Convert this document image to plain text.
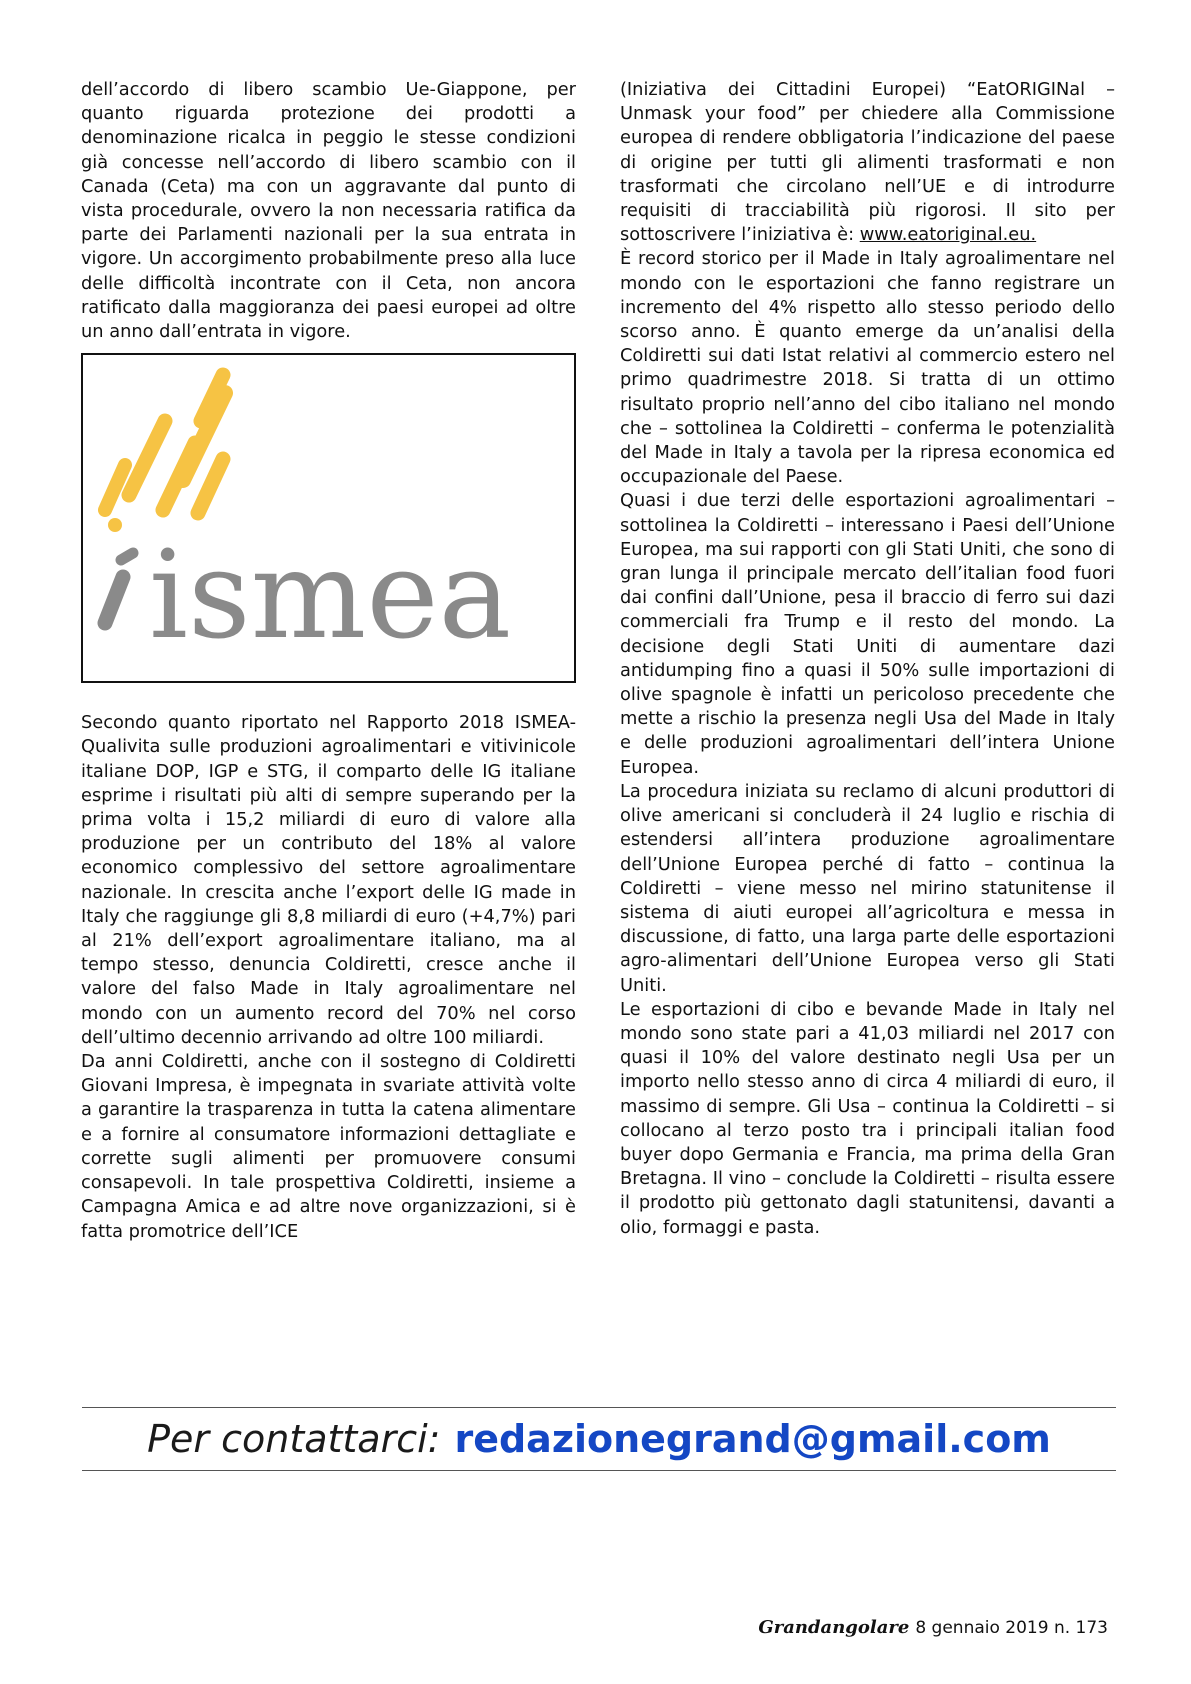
dell’accordo di libero scambio Ue-Giappone, per quanto riguarda protezione dei prodotti a denominazione ricalca in peggio le stesse condizioni già concesse nell’accordo di libero scambio con il Canada (Ceta) ma con un aggravante dal punto di vista procedurale, ovvero la non necessaria ratifica da parte dei Parlamenti nazionali per la sua entrata in vigore. Un accorgimento probabilmente preso alla luce delle difficoltà incontrate con il Ceta, non ancora ratificato dalla maggioranza dei paesi europei ad oltre un anno dall’entrata in vigore.

ismea

Secondo quanto riportato nel Rapporto 2018 ISMEA-Qualivita sulle produzioni agroalimentari e vitivinicole italiane DOP, IGP e STG, il comparto delle IG italiane esprime i risultati più alti di sempre superando per la prima volta i 15,2 miliardi di euro di valore alla produzione per un contributo del 18% al valore economico complessivo del settore agroalimentare nazionale. In crescita anche l’export delle IG made in Italy che raggiunge gli 8,8 miliardi di euro (+4,7%) pari al 21% dell’export agroalimentare italiano, ma al tempo stesso, denuncia Coldiretti, cresce anche il valore del falso Made in Italy agroalimentare nel mondo con un aumento record del 70% nel corso dell’ultimo decennio arrivando ad oltre 100 miliardi.

Da anni Coldiretti, anche con il sostegno di Coldiretti Giovani Impresa, è impegnata in svariate attività volte a garantire la trasparenza in tutta la catena alimentare e a fornire al consumatore informazioni dettagliate e corrette sugli alimenti per promuovere consumi consapevoli. In tale prospettiva Coldiretti, insieme a Campagna Amica e ad altre nove organizzazioni, si è fatta promotrice dell’ICE

(Iniziativa dei Cittadini Europei) “EatORIGINal – Unmask your food” per chiedere alla Commissione europea di rendere obbligatoria l’indicazione del paese di origine per tutti gli alimenti trasformati e non trasformati che circolano nell’UE e di introdurre requisiti di tracciabilità più rigorosi. Il sito per sottoscrivere l’iniziativa è: www.eatoriginal.eu.

È record storico per il Made in Italy agroalimentare nel mondo con le esportazioni che fanno registrare un incremento del 4% rispetto allo stesso periodo dello scorso anno. È quanto emerge da un’analisi della Coldiretti sui dati Istat relativi al commercio estero nel primo quadrimestre 2018. Si tratta di un ottimo risultato proprio nell’anno del cibo italiano nel mondo che – sottolinea la Coldiretti – conferma le potenzialità del Made in Italy a tavola per la ripresa economica ed occupazionale del Paese.

Quasi i due terzi delle esportazioni agroalimentari – sottolinea la Coldiretti – interessano i Paesi dell’Unione Europea, ma sui rapporti con gli Stati Uniti, che sono di gran lunga il principale mercato dell’italian food fuori dai confini dall’Unione, pesa il braccio di ferro sui dazi commerciali fra Trump e il resto del mondo. La decisione degli Stati Uniti di aumentare dazi antidumping fino a quasi il 50% sulle importazioni di olive spagnole è infatti un pericoloso precedente che mette a rischio la presenza negli Usa del Made in Italy e delle produzioni agroalimentari dell’intera Unione Europea.

La procedura iniziata su reclamo di alcuni produttori di olive americani si concluderà il 24 luglio e rischia di estendersi all’intera produzione agroalimentare dell’Unione Europea perché di fatto – continua la Coldiretti – viene messo nel mirino statunitense il sistema di aiuti europei all’agricoltura e messa in discussione, di fatto, una larga parte delle esportazioni agro-alimentari dell’Unione Europea verso gli Stati Uniti.

Le esportazioni di cibo e bevande Made in Italy nel mondo sono state pari a 41,03 miliardi nel 2017 con quasi il 10% del valore destinato negli Usa per un importo nello stesso anno di circa 4 miliardi di euro, il massimo di sempre. Gli Usa – continua la Coldiretti – si collocano al terzo posto tra i principali italian food buyer dopo Germania e Francia, ma prima della Gran Bretagna. Il vino – conclude la Coldiretti – risulta essere il prodotto più gettonato dagli statunitensi, davanti a olio, formaggi e pasta.

Per contattarci: redazionegrand@gmail.com
Grandangolare 8 gennaio 2019 n. 173
